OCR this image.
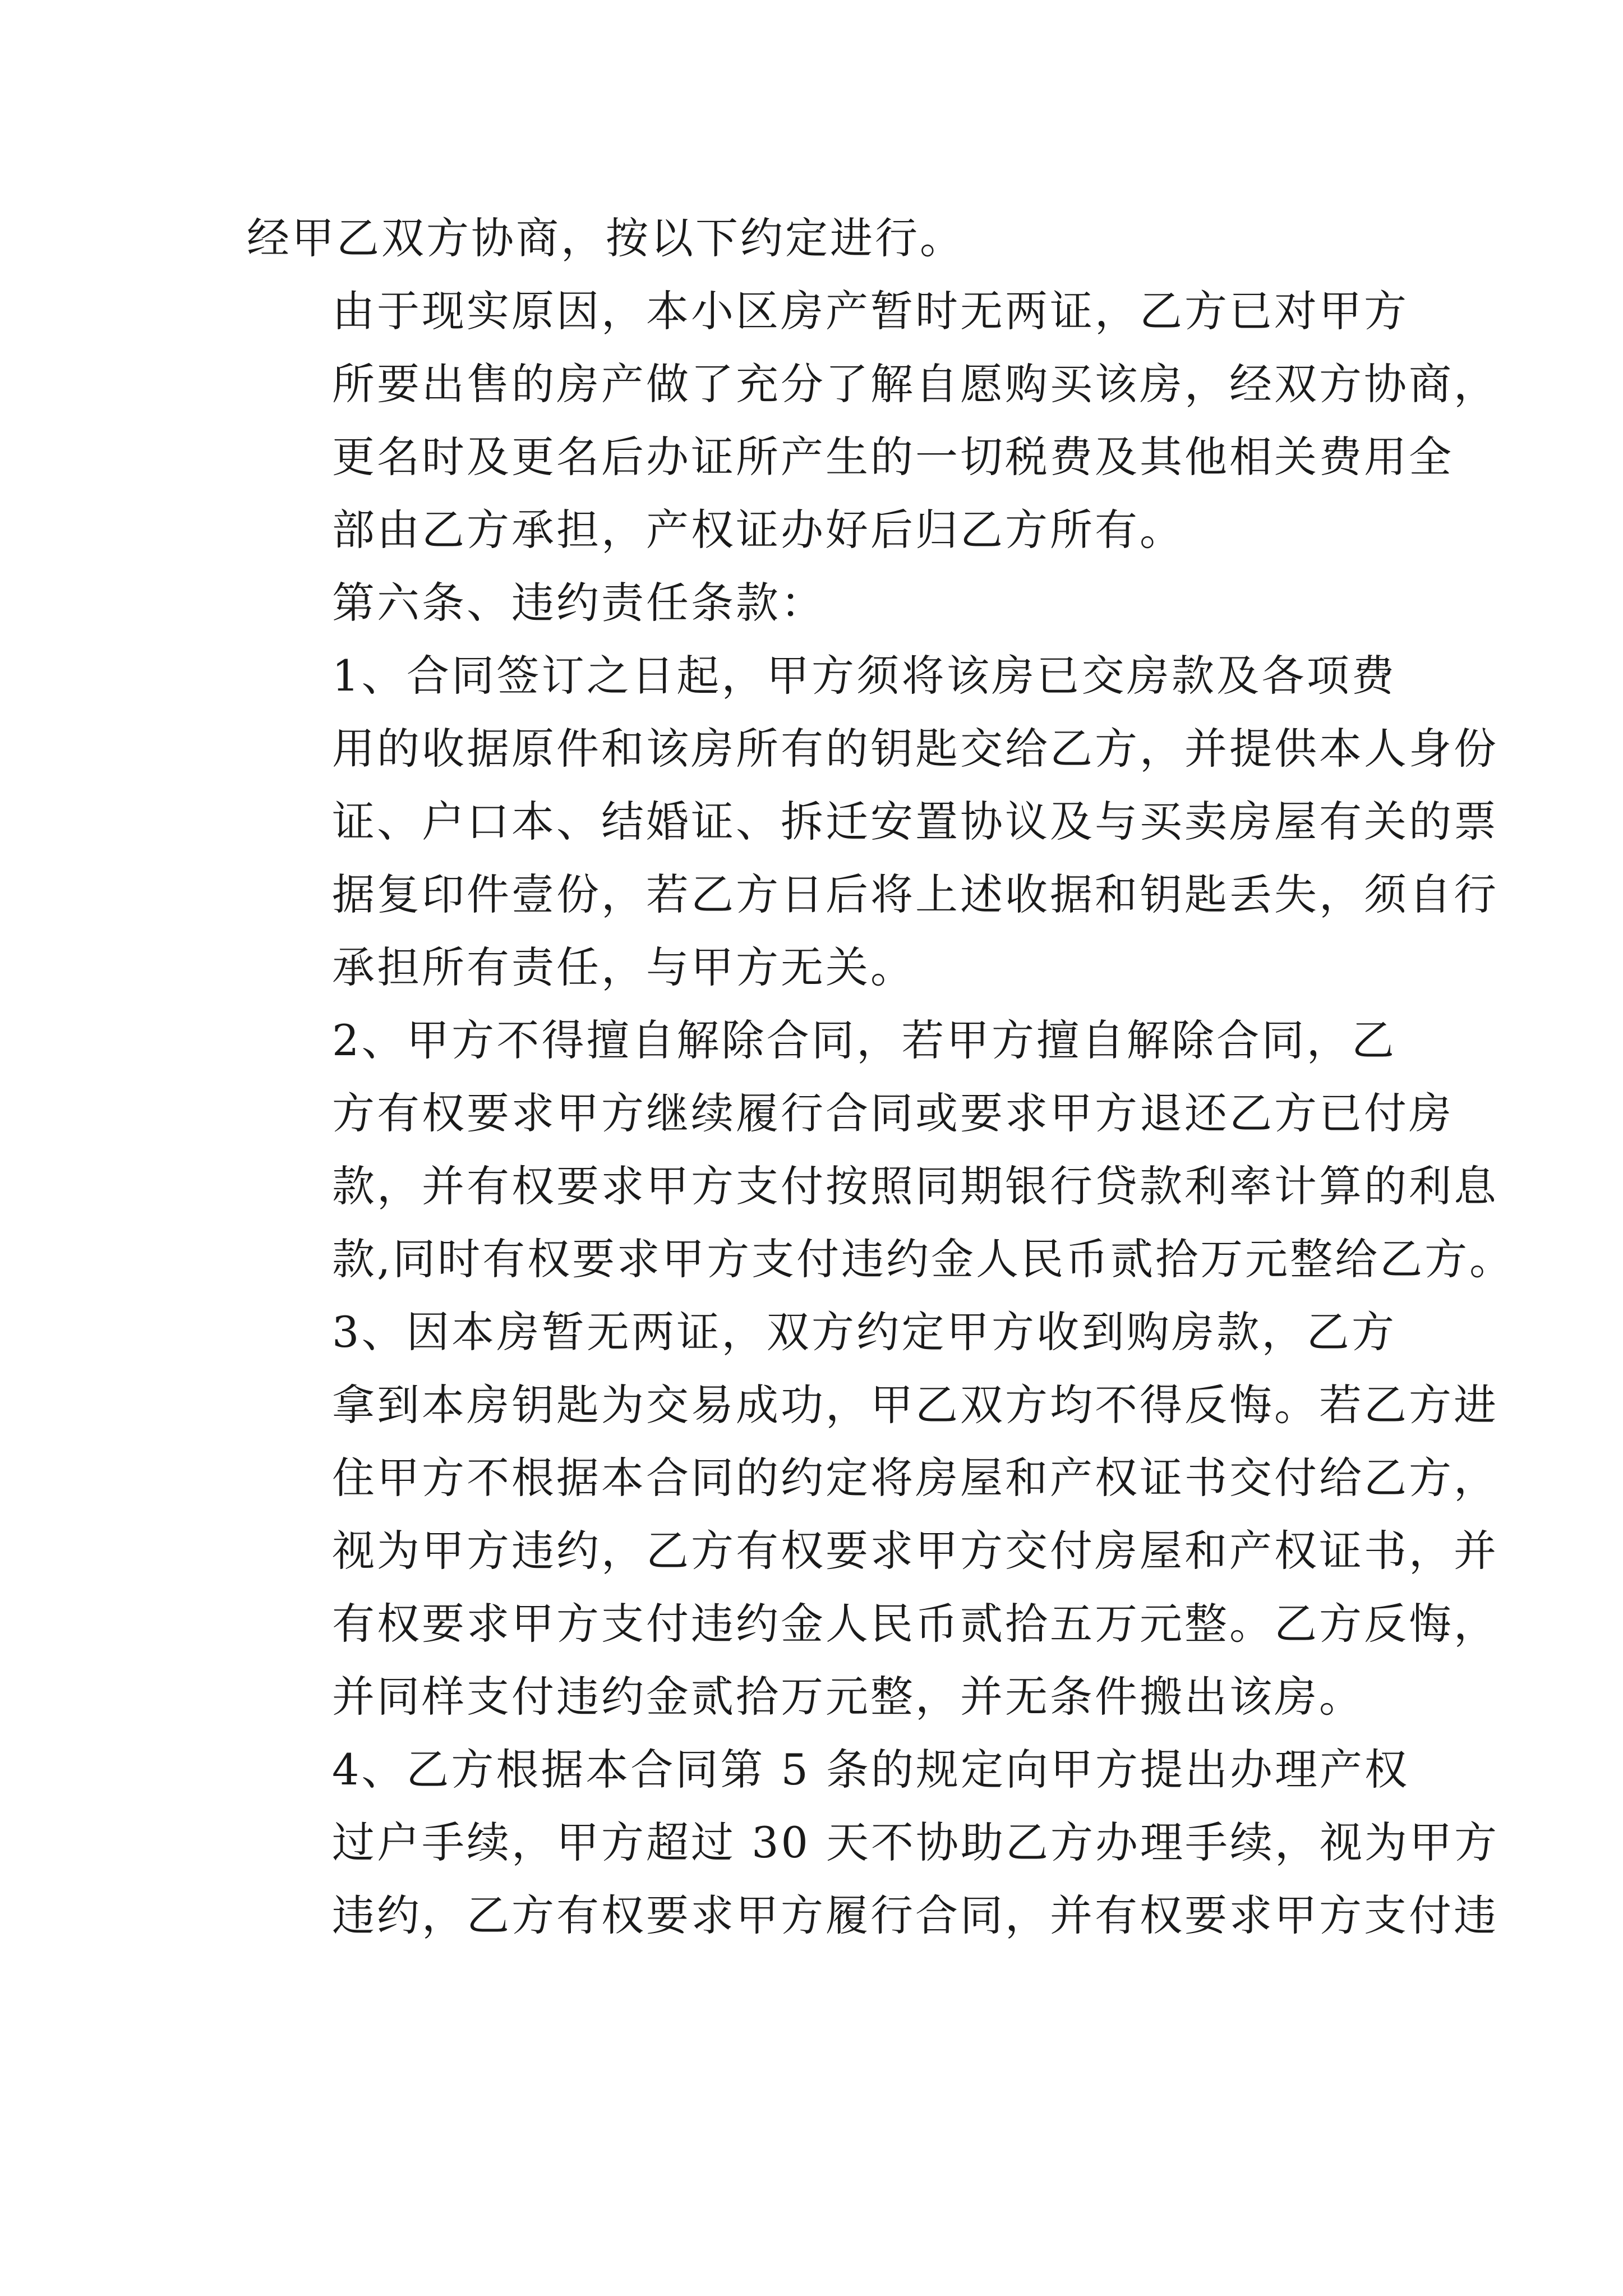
经甲乙双方协商，按以下约定进行。

由于现实原因，本小区房产暂时无两证，乙方已对甲方
所要出售的房产做了充分了解自愿购买该房，经双方协商，
更名时及更名后办证所产生的一切税费及其他相关费用全
部由乙方承担，产权证办好后归乙方所有。

第六条、违约责任条款：

1、合同签订之日起，甲方须将该房已交房款及各项费
用的收据原件和该房所有的钥匙交给乙方，并提供本人身份
证、户口本、结婚证、拆迁安置协议及与买卖房屋有关的票
据复印件壹份，若乙方日后将上述收据和钥匙丢失，须自行
承担所有责任，与甲方无关。

2、甲方不得擅自解除合同，若甲方擅自解除合同，乙
方有权要求甲方继续履行合同或要求甲方退还乙方已付房
款，并有权要求甲方支付按照同期银行贷款利率计算的利息
款,同时有权要求甲方支付违约金人民币贰拾万元整给乙方。

3、因本房暂无两证，双方约定甲方收到购房款，乙方
拿到本房钥匙为交易成功，甲乙双方均不得反悔。若乙方进
住甲方不根据本合同的约定将房屋和产权证书交付给乙方，
视为甲方违约，乙方有权要求甲方交付房屋和产权证书，并
有权要求甲方支付违约金人民币贰拾五万元整。乙方反悔，
并同样支付违约金贰拾万元整，并无条件搬出该房。

4、乙方根据本合同第 5 条的规定向甲方提出办理产权
过户手续，甲方超过 30 天不协助乙方办理手续，视为甲方
违约，乙方有权要求甲方履行合同，并有权要求甲方支付违
